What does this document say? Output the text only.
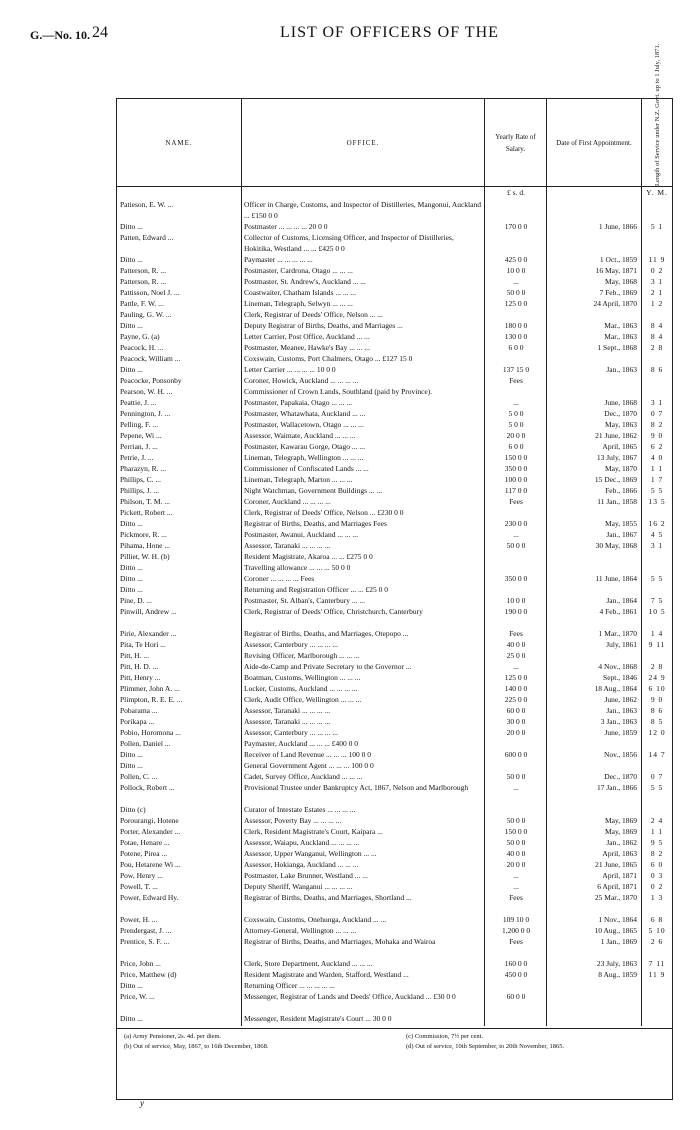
G.—No. 10. 24	LIST OF OFFICERS OF THE
NAME.	OFFICE.
Yearly Rate of Salary.
Date of First Appointment.	Length of Service under N.Z. Govt. up to 1 July, 1871.
£ s. d.	Y. M.
Patieson, E. W. ...	Officer in Charge, Customs, and Inspector of Distilleries, Mangonui, Auckland ... £150 0 0
Ditto ...	Postmaster ... ... ... ... 20 0 0	170 0 0	1 June, 1866	5 1
Patten, Edward ...	Collector of Customs, Licensing Officer, and Inspector of Distilleries, Hokitika, Westland ... ... £425 0 0
Ditto ...	Paymaster ... ... ... ... ...	425 0 0	1 Oct., 1859	11 9
Patterson, R. ...	Postmaster, Cardrona, Otago ... ... ...	10 0 0	16 May, 1871	0 2
Patterson, R. ...	Postmaster, St. Andrew's, Auckland ... ...	...	May, 1868	3 1
Pattisson, Noel J. ...	Coastwaiter, Chatham Islands ... ... ...	50 0 0	7 Feb., 1869	2 1
Pattle, F. W. ...	Lineman, Telegraph, Selwyn ... ... ...	125 0 0	24 April, 1870	1 2
Pauling, G. W. ...	Clerk, Registrar of Deeds' Office, Nelson ... ...
Ditto ...	Deputy Registrar of Births, Deaths, and Marriages ...	180 0 0	Mar., 1863	8 4
Payne, G. (a)	Letter Carrier, Post Office, Auckland ... ...	130 0 0	Mar., 1863	8 4
Peacock, H. ...	Postmaster, Meanee, Hawke's Bay ... ... ...	6 0 0	1 Sept., 1868	2 8
Peacock, William ...	Coxswain, Customs, Port Chalmers, Otago ... £127 15 0
Ditto ...	Letter Carrier ... ... ... ... 10 0 0	137 15 0	Jan., 1863	8 6
Peacocke, Ponsonby	Coroner, Howick, Auckland ... ... ... ...	Fees
Pearson, W. H. ...	Commissioner of Crown Lands, Southland (paid by Province).
Peattie, J. ...	Postmaster, Papakaia, Otago ... ... ...	...	June, 1868	3 1
Pennington, J. ...	Postmaster, Whatawhata, Auckland ... ...	5 0 0	Dec., 1870	0 7
Pelling, F. ...	Postmaster, Wallacetown, Otago ... ... ...	5 0 0	May, 1863	8 2
Pepene, Wi ...	Assessor, Waimate, Auckland ... ... ...	20 0 0	21 June, 1862	9 0
Perrian, J. ...	Postmaster, Kawarau Gorge, Otago ... ...	6 0 0	April, 1865	6 2
Petrie, J. ...	Lineman, Telegraph, Wellington ... ... ...	150 0 0	13 July, 1867	4 0
Pharazyn, R. ...	Commissioner of Confiscated Lands ... ...	350 0 0	May, 1870	1 1
Phillips, C. ...	Lineman, Telegraph, Marton ... ... ...	100 0 0	15 Dec., 1869	1 7
Phillips, J. ...	Night Watchman, Government Buildings ... ...	117 0 0	Feb., 1866	5 5
Philson, T. M. ...	Coroner, Auckland ... ... ... ...	Fees	11 Jan., 1858	13 5
Pickett, Robert ...	Clerk, Registrar of Deeds' Office, Nelson ... £230 0 0
Ditto ...	Registrar of Births, Deaths, and Marriages Fees	230 0 0	May, 1855	16 2
Pickmore, R. ...	Postmaster, Awanui, Auckland ... ... ...	...	Jan., 1867	4 5
Pihama, Hone ...	Assessor, Taranaki ... ... ... ...	50 0 0	30 May, 1868	3 1
Pilliet, W. H. (b)	Resident Magistrate, Akaroa ... ... £275 0 0
Ditto ...	Travelling allowance ... ... ... 50 0 0
Ditto ...	Coroner ... ... ... ... Fees	350 0 0	11 June, 1864	5 5
Ditto ...	Returning and Registration Officer ... ... £25 0 0
Pine, D. ...	Postmaster, St. Alban's, Canterbury ... ...	10 0 0	Jan., 1864	7 5
Pinwill, Andrew ...	Clerk, Registrar of Deeds' Office, Christchurch, Canterbury	190 0 0	4 Feb., 1861	10 5
Pirie, Alexander ...	Registrar of Births, Deaths, and Marriages, Otepopo ...	Fees	1 Mar., 1870	1 4
Pita, Te Hori ...	Assessor, Canterbury ... ... ... ...	40 0 0	July, 1861	9 11
Pitt, H. ...	Revising Officer, Marlborough ... ... ...	25 0 0
Pitt, H. D. ...	Aide-de-Camp and Private Secretary to the Governor ...	...	4 Nov., 1868	2 8
Pitt, Henry ...	Boatman, Customs, Wellington ... ... ...	125 0 0	Sept., 1846	24 9
Plimmer, John A. ...	Locker, Customs, Auckland ... ... ... ...	140 0 0	18 Aug., 1864	6 10
Plimpton, R. E. E. ...	Clerk, Audit Office, Wellington ... ... ...	225 0 0	June, 1862	9 0
Pobarama ...	Assessor, Taranaki ... ... ... ...	60 0 0	Jan., 1863	8 6
Porikapa ...	Assessor, Taranaki ... ... ... ...	30 0 0	3 Jan., 1863	8 5
Pobio, Horomona ...	Assessor, Canterbury ... ... ... ...	20 0 0	June, 1859	12 0
Pollen, Daniel ...	Paymaster, Auckland ... ... ... £400 0 0
Ditto ...	Receiver of Land Revenue ... ... ... 100 0 0	600 0 0	Nov., 1856	14 7
Ditto ...	General Government Agent ... ... ... 100 0 0
Pollen, C. ...	Cadet, Survey Office, Auckland ... ... ...	50 0 0	Dec., 1870	0 7
Pollock, Robert ...	Provisional Trustee under Bankruptcy Act, 1867, Nelson and Marlborough	...	17 Jan., 1866	5 5
Ditto (c)	Curator of Intestate Estates ... ... ... ...
Porourangi, Hotene	Assessor, Poverty Bay ... ... ... ...	50 0 0	May, 1869	2 4
Porter, Alexander ...	Clerk, Resident Magistrate's Court, Kaipara ...	150 0 0	May, 1869	1 1
Potae, Henare ...	Assessor, Waiapu, Auckland ... ... ... ...	50 0 0	Jan., 1862	9 5
Potene, Pirea ...	Assessor, Upper Wanganui, Wellington ... ...	40 0 0	April, 1863	8 2
Pou, Hetarene Wi ...	Assessor, Hokianga, Auckland ... ... ...	20 0 0	21 June, 1865	6 0
Pow, Henry ...	Postmaster, Lake Brunner, Westland ... ...	...	April, 1871	0 3
Powell, T. ...	Deputy Sheriff, Wanganui ... ... ... ...	...	6 April, 1871	0 2
Power, Edward Hy.	Registrar of Births, Deaths, and Marriages, Shortland ...	Fees	25 Mar., 1870	1 3
Power, H. ...	Coxswain, Customs, Onehunga, Auckland ... ...	109 10 0	1 Nov., 1864	6 8
Prendergast, J. ...	Attorney-General, Wellington ... ... ...	1,200 0 0	10 Aug., 1865	5 10
Prentice, S. F. ...	Registrar of Births, Deaths, and Marriages, Mohaka and Wairoa	Fees	1 Jan., 1869	2 6
Price, John ...	Clerk, Store Department, Auckland ... ... ...	160 0 0	23 July, 1863	7 11
Price, Matthew (d)	Resident Magistrate and Warden, Stafford, Westland ...	450 0 0	8 Aug., 1859	11 9
Ditto ...	Returning Officer ... ... ... ... ...
Price, W. ...	Messenger, Registrar of Lands and Deeds' Office, Auckland ... £30 0 0	60 0 0
Ditto ...	Messenger, Resident Magistrate's Court ... 30 0 0
(a) Army Pensioner, 2s. 4d. per diem.
(b) Out of service, May, 1867, to 16th December, 1868.
(c) Commission, 7½ per cent.
(d) Out of service, 10th September, to 20th November, 1865.
y
